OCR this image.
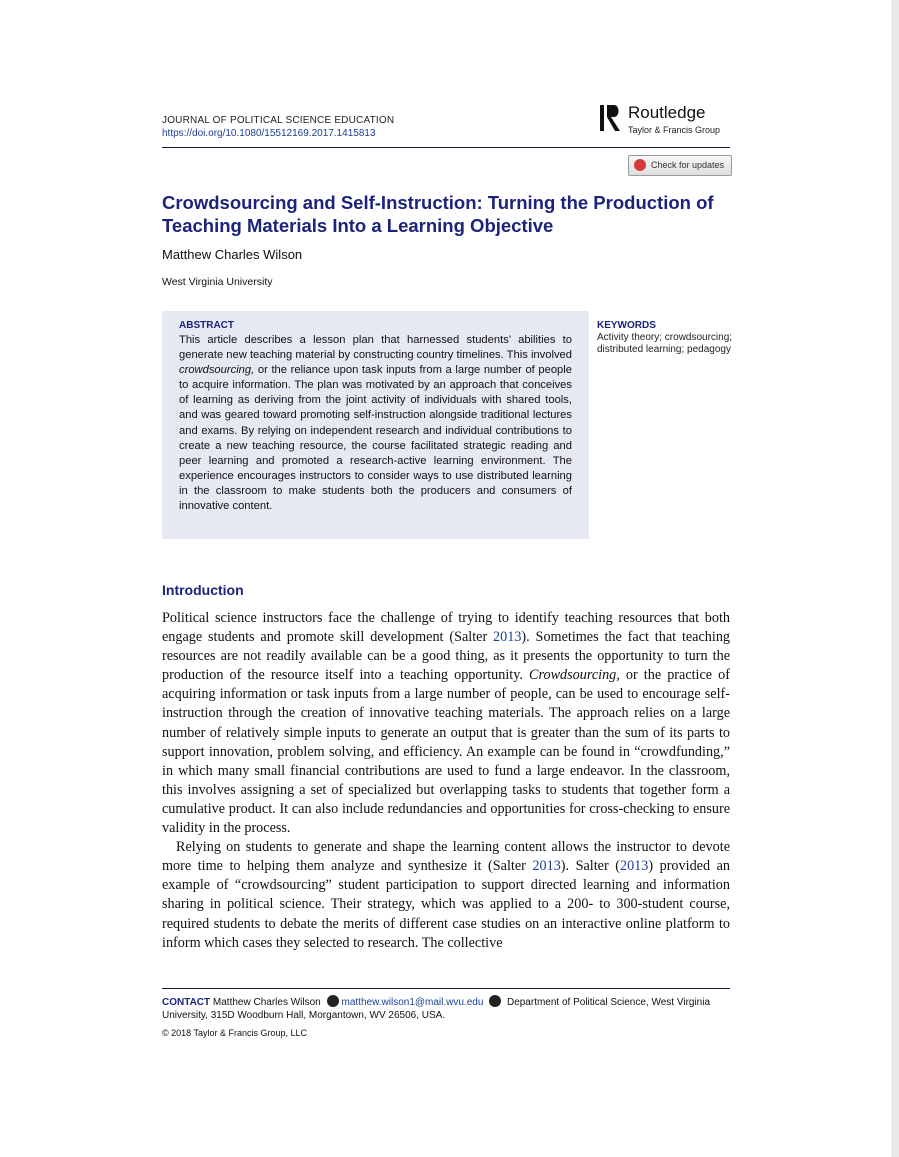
JOURNAL OF POLITICAL SCIENCE EDUCATION
https://doi.org/10.1080/15512169.2017.1415813
Routledge
Taylor & Francis Group
Check for updates
Crowdsourcing and Self-Instruction: Turning the Production of Teaching Materials Into a Learning Objective
Matthew Charles Wilson
West Virginia University
ABSTRACT

This article describes a lesson plan that harnessed students’ abilities to generate new teaching material by constructing country timelines. This involved crowdsourcing, or the reliance upon task inputs from a large number of people to acquire information. The plan was motivated by an approach that conceives of learning as deriving from the joint activity of individuals with shared tools, and was geared toward promoting self-instruction alongside traditional lectures and exams. By relying on independent research and individual contributions to create a new teaching resource, the course facilitated strategic reading and peer learning and promoted a research-active learning environment. The experience encourages instructors to consider ways to use distributed learning in the classroom to make students both the producers and consumers of innovative content.

KEYWORDS

Activity theory; crowdsourcing; distributed learning; pedagogy

Introduction

Political science instructors face the challenge of trying to identify teaching resources that both engage students and promote skill development (Salter 2013). Sometimes the fact that teaching resources are not readily available can be a good thing, as it presents the opportunity to turn the production of the resource itself into a teaching opportunity. Crowdsourcing, or the practice of acquiring information or task inputs from a large number of people, can be used to encourage self-instruction through the creation of innovative teaching materials. The approach relies on a large number of relatively simple inputs to generate an output that is greater than the sum of its parts to support innovation, problem solving, and efficiency. An example can be found in “crowdfunding,” in which many small financial contributions are used to fund a large endeavor. In the classroom, this involves assigning a set of specialized but overlapping tasks to students that together form a cumulative product. It can also include redundancies and opportunities for cross-checking to ensure validity in the process.

Relying on students to generate and shape the learning content allows the instructor to devote more time to helping them analyze and synthesize it (Salter 2013). Salter (2013) provided an example of “crowdsourcing” student participation to support directed learning and information sharing in political science. Their strategy, which was applied to a 200- to 300-student course, required students to debate the merits of different case studies on an interactive online platform to inform which cases they selected to research. The collective

CONTACT Matthew Charles Wilson matthew.wilson1@mail.wvu.edu  Department of Political Science, West Virginia University, 315D Woodburn Hall, Morgantown, WV 26506, USA.
© 2018 Taylor & Francis Group, LLC
